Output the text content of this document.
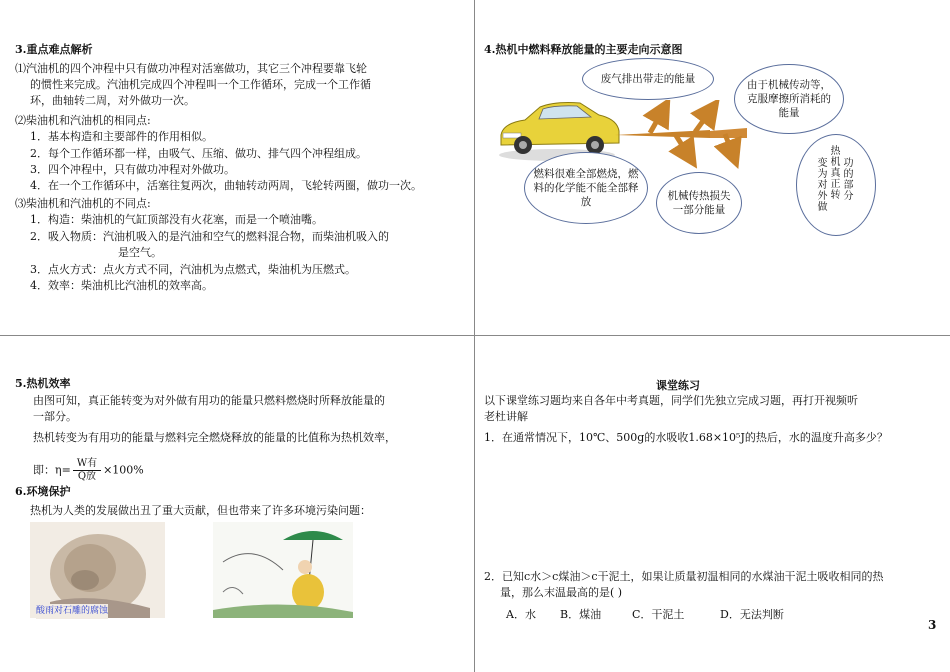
3.重点难点解析
⑴汽油机的四个冲程中只有做功冲程对活塞做功，其它三个冲程要靠飞轮
的惯性来完成。汽油机完成四个冲程叫一个工作循环，完成一个工作循
环，曲轴转二周，对外做功一次。
⑵柴油机和汽油机的相同点:
1．基本构造和主要部件的作用相似。
2．每个工作循环都一样，由吸气、压缩、做功、排气四个冲程组成。
3．四个冲程中，只有做功冲程对外做功。
4．在一个工作循环中，活塞往复两次，曲轴转动两周，飞轮转两圈，做功一次。
⑶柴油机和汽油机的不同点:
1．构造：柴油机的气缸顶部没有火花塞，而是一个喷油嘴。
2．吸入物质：汽油机吸入的是汽油和空气的燃料混合物，而柴油机吸入的
是空气。
3．点火方式：点火方式不同，汽油机为点燃式，柴油机为压燃式。
4．效率：柴油机比汽油机的效率高。
4.热机中燃料释放能量的主要走向示意图
废气排出带走的能量	由于机械传动等，克服摩擦所消耗的能量
燃料很难全部燃烧，燃料的化学能不能全部释放	机械传热损失一部分能量
热机真正转
变为对外做
功的部分
5.热机效率
由图可知，真正能转变为对外做有用功的能量只燃料燃烧时所释放能量的
一部分。
热机转变为有用功的能量与燃料完全燃烧释放的能量的比值称为热机效率，
即：$\eta= \frac{\text{W有}}{\text{Q放}} \times 100\%$
6.环境保护
热机为人类的发展做出丑了重大贡献，但也带来了许多环境污染问题：
酸雨对石雕的腐蚀
课堂练习
以下课堂练习题均来自各年中考真题，同学们先独立完成习题，再打开视频听
老杜讲解
1．在通常情况下，10℃、500g的水吸收1.68×10⁵J的热后，水的温度升高多少？
2．已知c水＞c煤油＞c干泥土，如果让质量初温相同的水煤油干泥土吸收相同的热
量，那么末温最高的是( )
A．水 B．煤油	C．干泥土	D．无法判断
3
